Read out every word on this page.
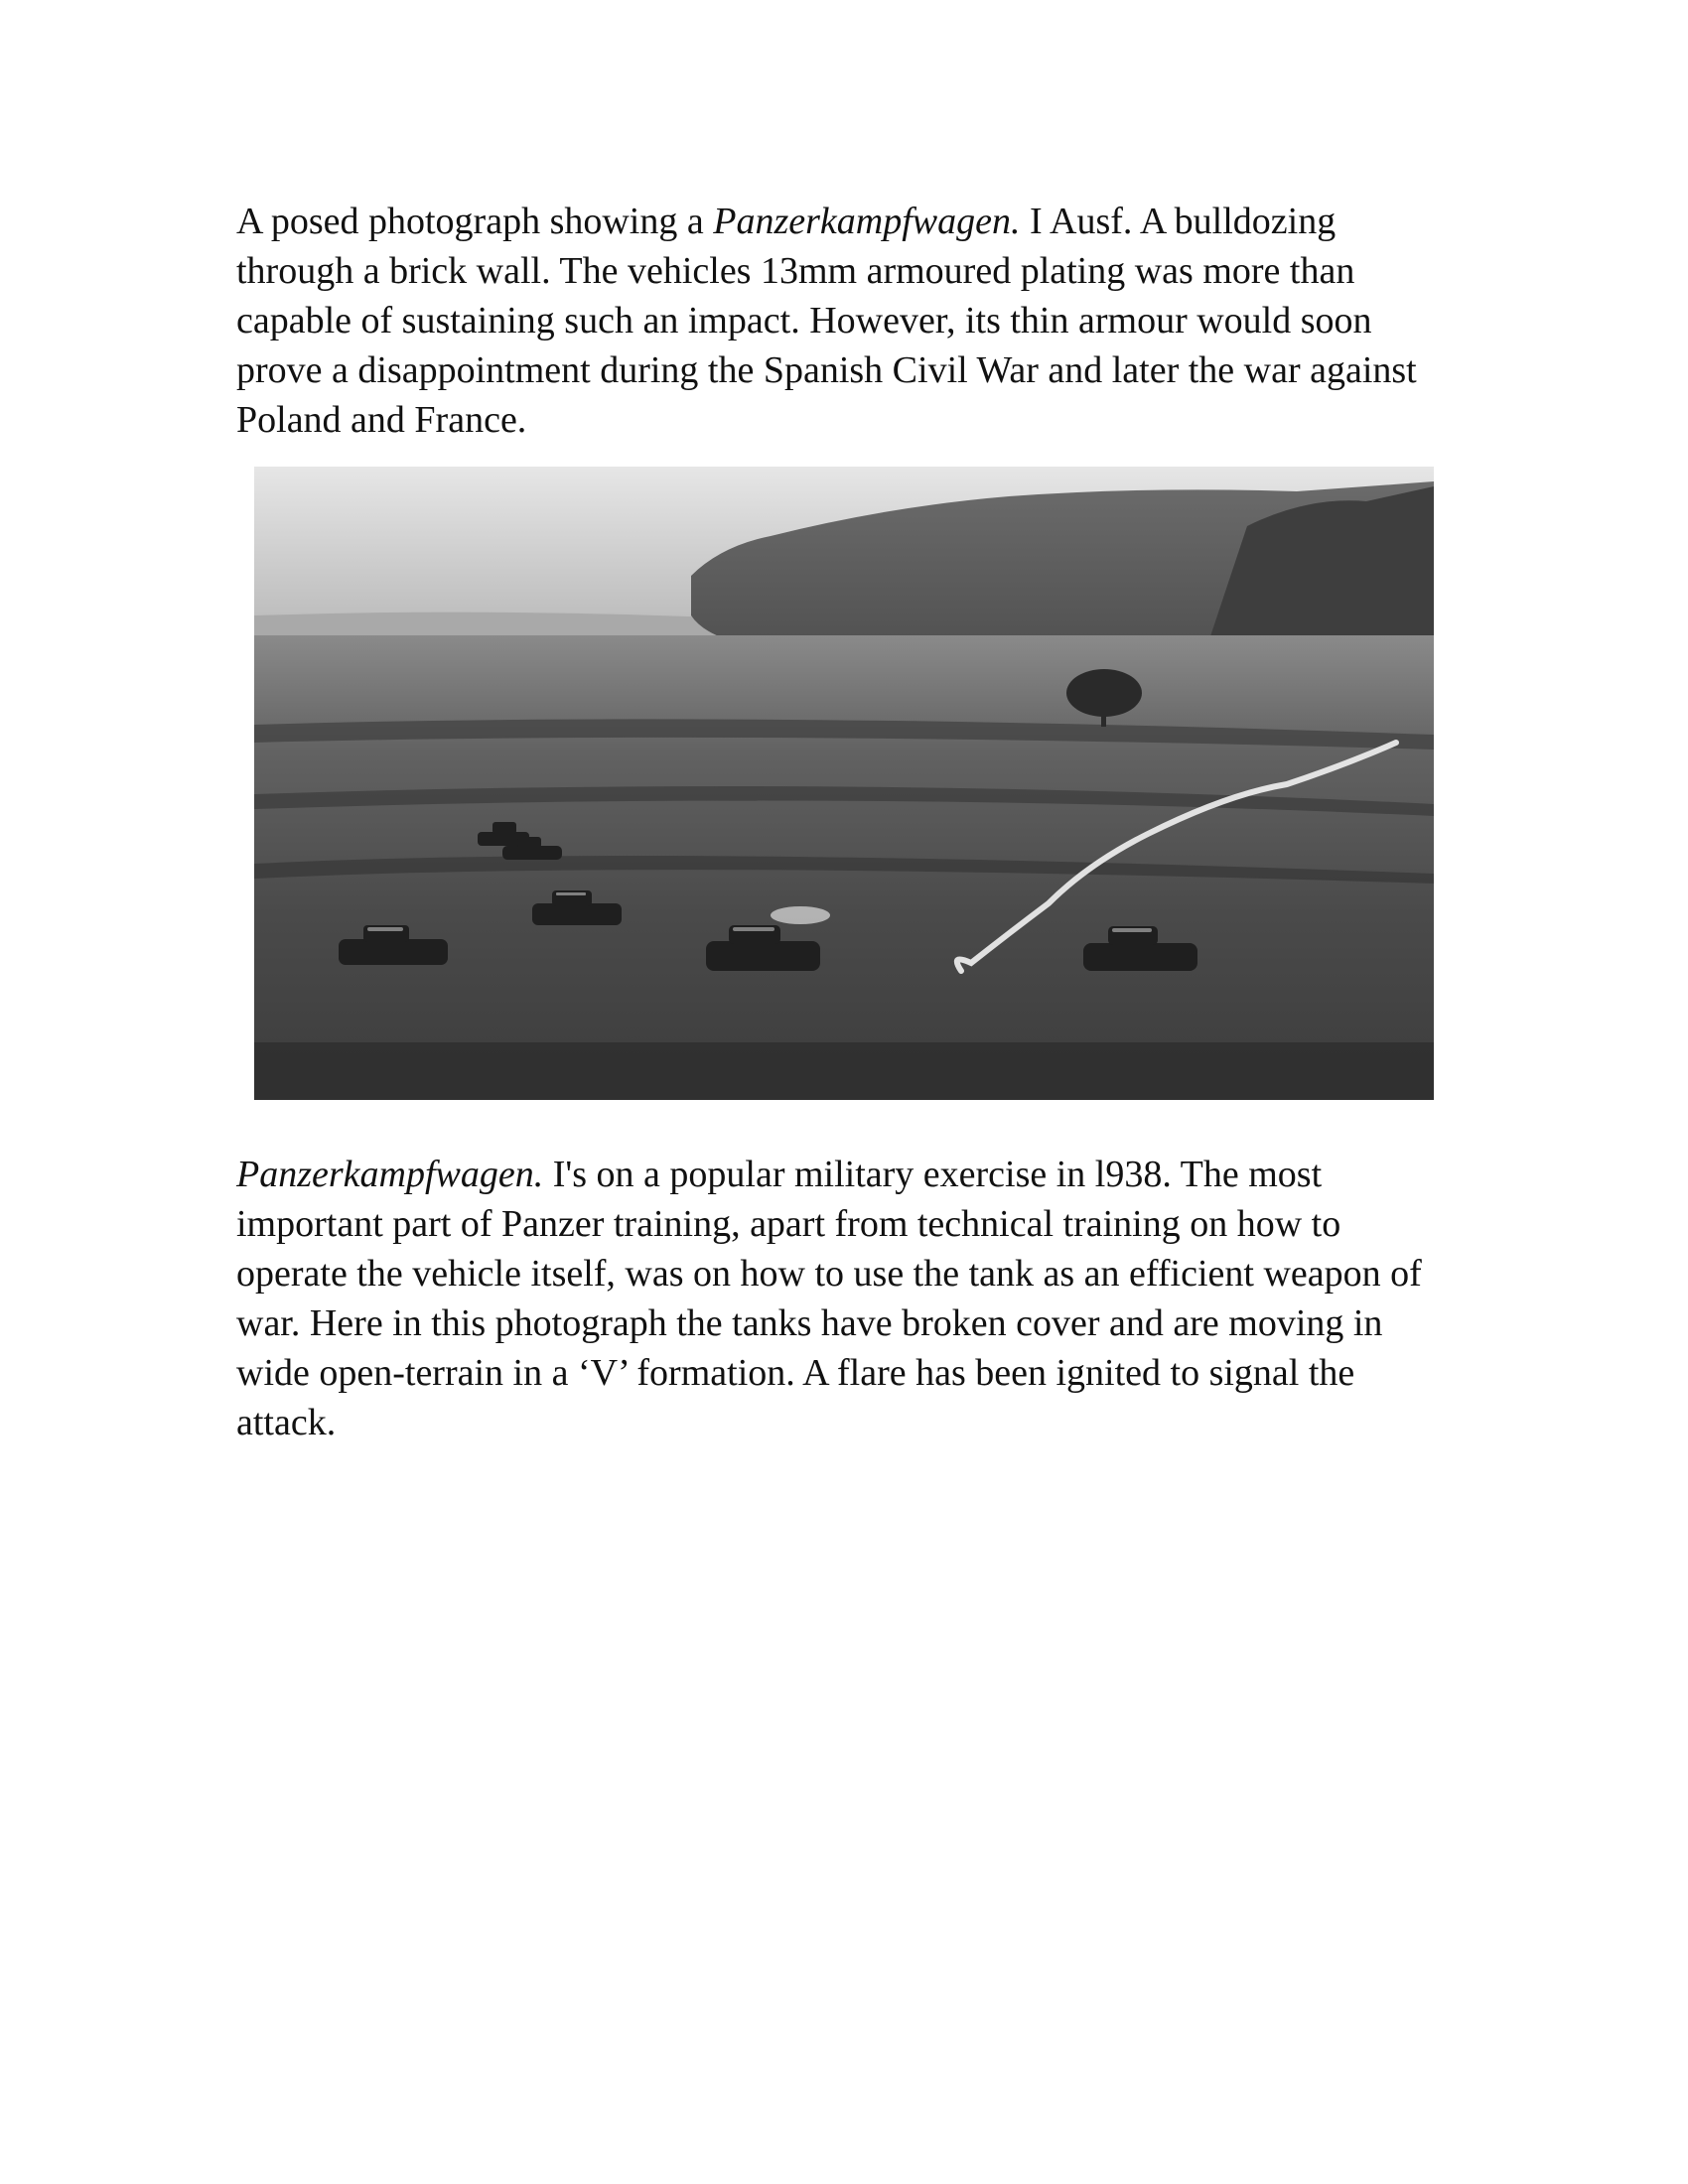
A posed photograph showing a Panzerkampfwagen. I Ausf. A bulldozing through a brick wall. The vehicles 13mm armoured plating was more than capable of sustaining such an impact. However, its thin armour would soon prove a disappointment during the Spanish Civil War and later the war against Poland and France.

Panzerkampfwagen. I's on a popular military exercise in l938. The most important part of Panzer training, apart from technical training on how to operate the vehicle itself, was on how to use the tank as an efficient weapon of war. Here in this photograph the tanks have broken cover and are moving in wide open-terrain in a ‘V’ formation. A flare has been ignited to signal the attack.
